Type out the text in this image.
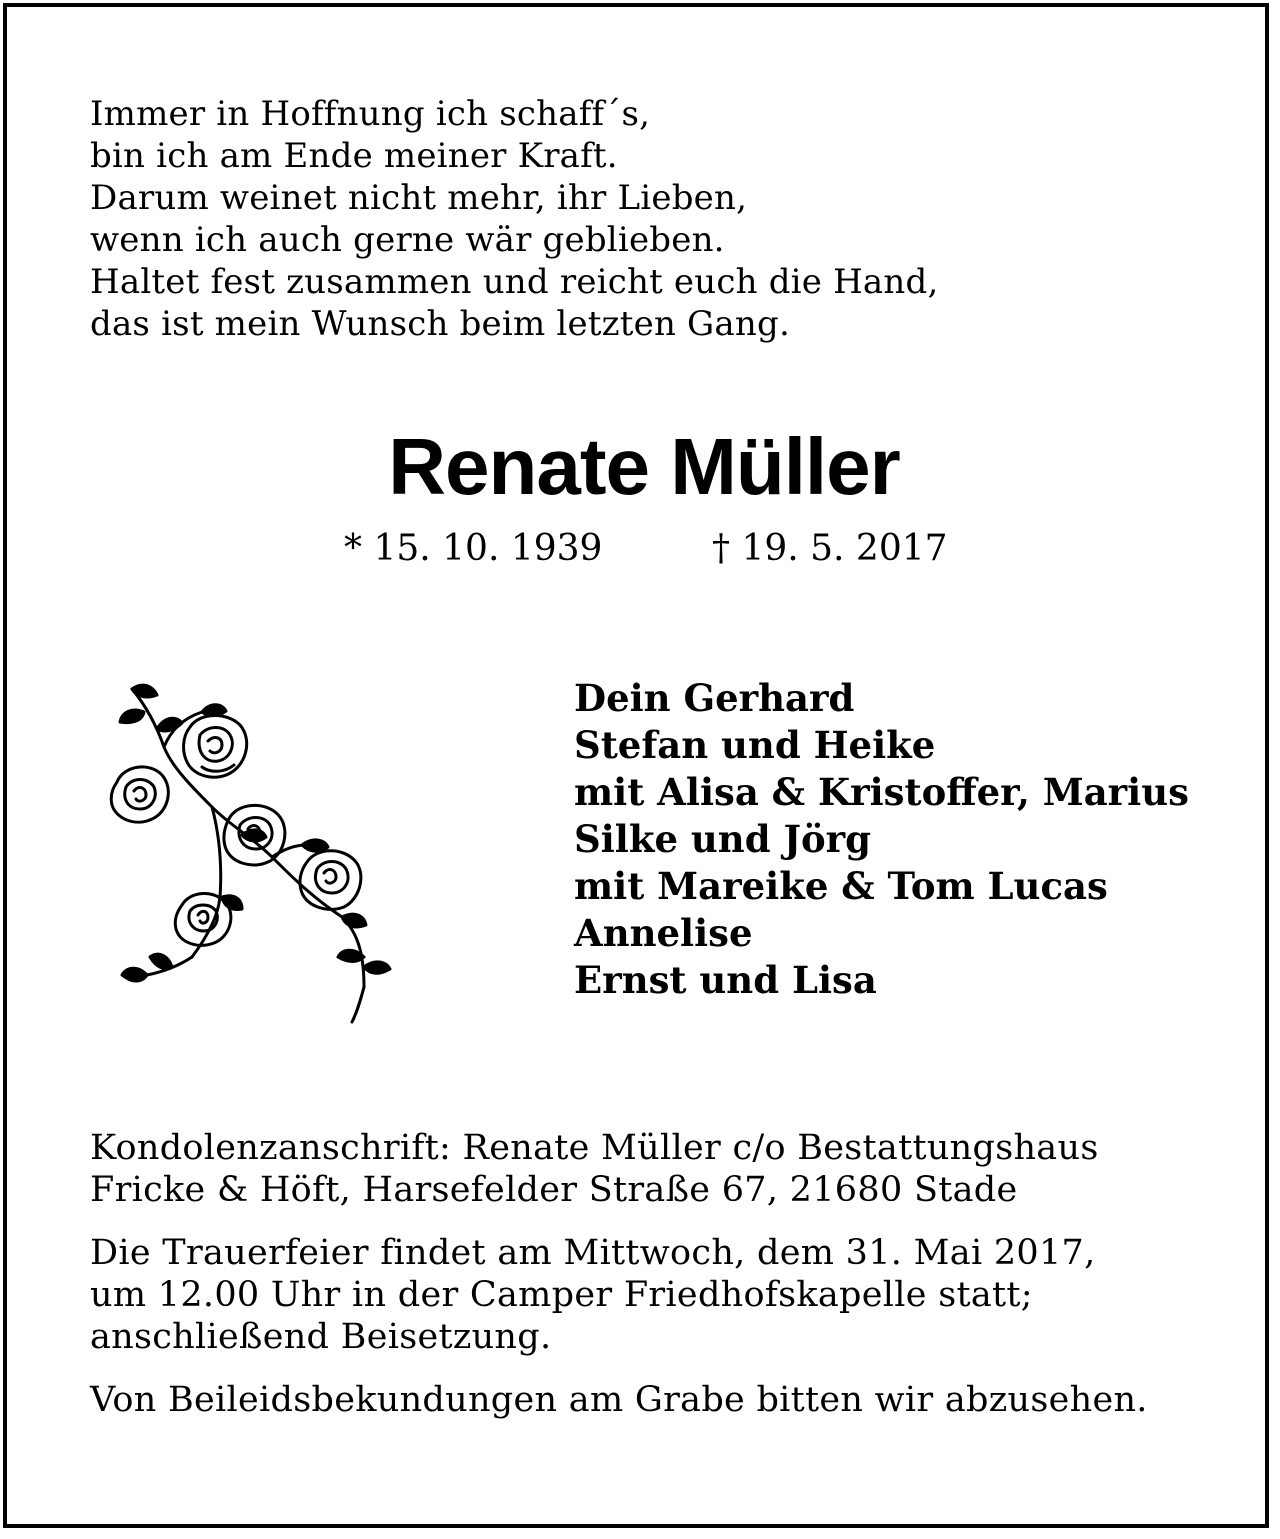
Immer in Hoffnung ich schaff´s,
bin ich am Ende meiner Kraft.
Darum weinet nicht mehr, ihr Lieben,
wenn ich auch gerne wär geblieben.
Haltet fest zusammen und reicht euch die Hand,
das ist mein Wunsch beim letzten Gang.
Renate Müller
* 15. 10. 1939	† 19. 5. 2017
Dein Gerhard
Stefan und Heike
mit Alisa & Kristoffer, Marius
Silke und Jörg
mit Mareike & Tom Lucas
Annelise
Ernst und Lisa
Kondolenzanschrift: Renate Müller c/o Bestattungshaus
Fricke & Höft, Harsefelder Straße 67, 21680 Stade
Die Trauerfeier findet am Mittwoch, dem 31. Mai 2017,
um 12.00 Uhr in der Camper Friedhofskapelle statt;
anschließend Beisetzung.
Von Beileidsbekundungen am Grabe bitten wir abzusehen.
